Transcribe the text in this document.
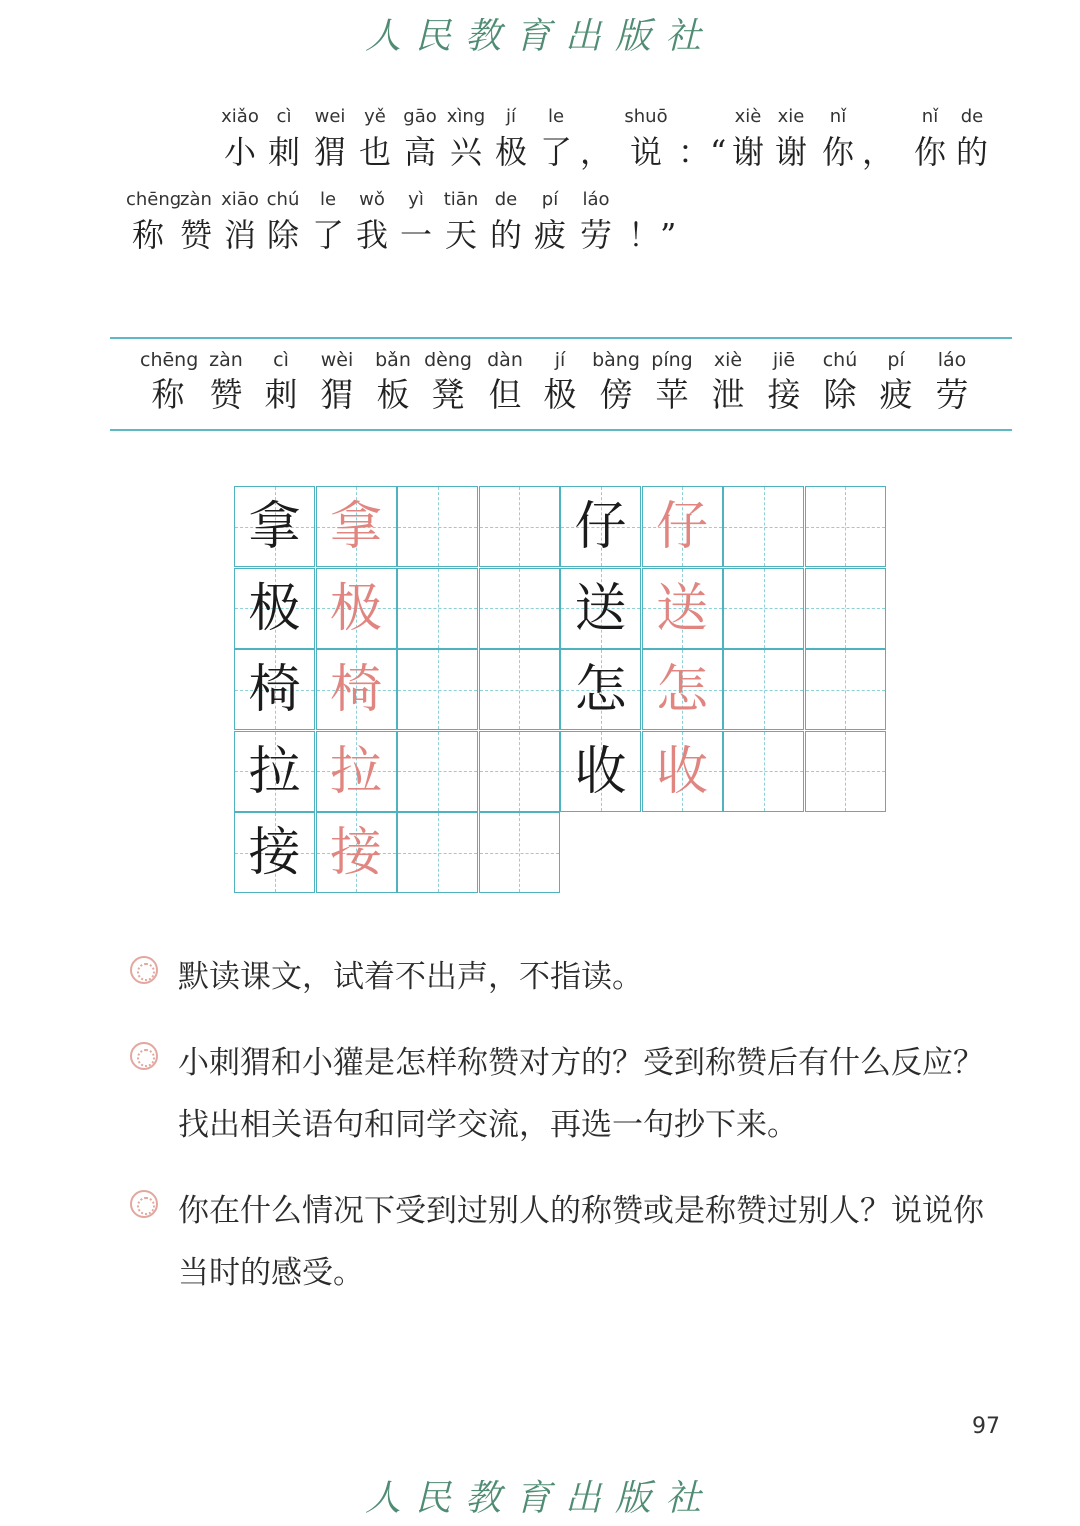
人民教育出版社
xiǎo
小
cì
刺
wei
猬
yě
也
gāo
高
xìng
兴
jí
极
le
了 ，
shuō
说 ：“
xiè
谢
xie
谢
nǐ
你 ，
nǐ
你
de
的
chēng
称
zàn
赞
xiāo
消
chú
除
le
了
wǒ
我
yì
一
tiān
天
de
的
pí
疲
láo
劳 ！”
chēng
称
zàn
赞
cì
刺
wèi
猬
bǎn
板
dèng
凳
dàn
但
jí
极
bàng
傍
píng
苹
xiè
泄
jiē
接
chú
除
pí
疲
láo
劳
拿 拿
极 极
椅 椅
拉 拉
接 接
仔 仔
送 送
怎 怎
收 收
默读课文，试着不出声，不指读。
小刺猬和小獾是怎样称赞对方的？受到称赞后有什么反应？找出相关语句和同学交流，再选一句抄下来。
你在什么情况下受到过别人的称赞或是称赞过别人？说说你当时的感受。
97
人民教育出版社
